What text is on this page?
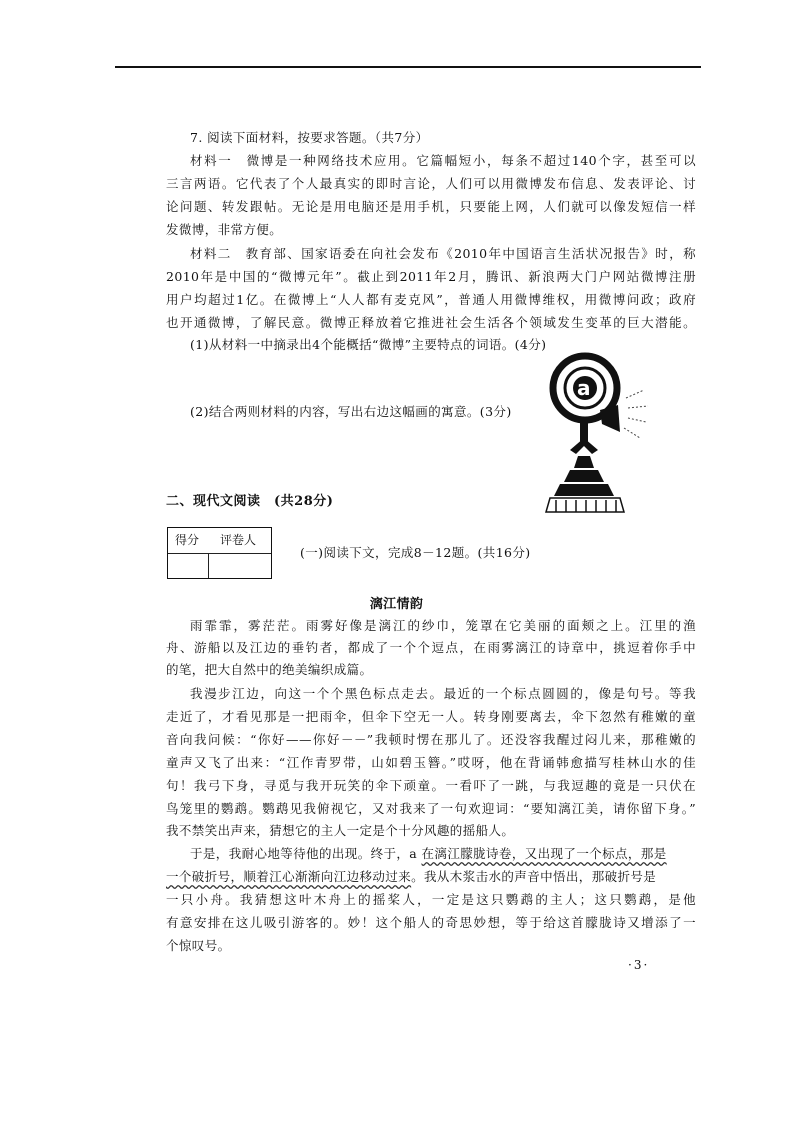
7. 阅读下面材料，按要求答题。（共7分）
材料一　微博是一种网络技术应用。它篇幅短小，每条不超过140个字，甚至可以
三言两语。它代表了个人最真实的即时言论，人们可以用微博发布信息、发表评论、讨
论问题、转发跟帖。无论是用电脑还是用手机，只要能上网，人们就可以像发短信一样
发微博，非常方便。
材料二　教育部、国家语委在向社会发布《2010年中国语言生活状况报告》时，称
2010年是中国的“微博元年”。截止到2011年2月，腾讯、新浪两大门户网站微博注册
用户均超过1亿。在微博上“人人都有麦克风”，普通人用微博维权，用微博问政；政府
也开通微博，了解民意。微博正释放着它推进社会生活各个领域发生变革的巨大潜能。
(1)从材料一中摘录出4个能概括“微博”主要特点的词语。(4分)
(2)结合两则材料的内容，写出右边这幅画的寓意。(3分)
a
二、现代文阅读　(共28分)
得分 评卷人
(一)阅读下文，完成8－12题。(共16分)
漓江情韵
雨霏霏，雾茫茫。雨雾好像是漓江的纱巾，笼罩在它美丽的面颊之上。江里的渔
舟、游船以及江边的垂钓者，都成了一个个逗点，在雨雾漓江的诗章中，挑逗着你手中
的笔，把大自然中的绝美编织成篇。
我漫步江边，向这一个个黑色标点走去。最近的一个标点圆圆的，像是句号。等我
走近了，才看见那是一把雨伞，但伞下空无一人。转身刚要离去，伞下忽然有稚嫩的童
音向我问候：“你好——你好－－”我顿时愣在那儿了。还没容我醒过闷儿来，那稚嫩的
童声又飞了出来：“江作青罗带，山如碧玉簪。”哎呀，他在背诵韩愈描写桂林山水的佳
句！我弓下身，寻觅与我开玩笑的伞下顽童。一看吓了一跳，与我逗趣的竟是一只伏在
鸟笼里的鹦鹉。鹦鹉见我俯视它，又对我来了一句欢迎词：“要知漓江美，请你留下身。”
我不禁笑出声来，猜想它的主人一定是个十分风趣的摇船人。
于是，我耐心地等待他的出现。终于，a 在漓江朦胧诗卷，又出现了一个标点，那是
一个破折号，顺着江心渐渐向江边移动过来。我从木浆击水的声音中悟出，那破折号是
一只小舟。我猜想这叶木舟上的摇桨人，一定是这只鹦鹉的主人；这只鹦鹉，是他
有意安排在这儿吸引游客的。妙！这个船人的奇思妙想，等于给这首朦胧诗又增添了一
个惊叹号。
·3·
